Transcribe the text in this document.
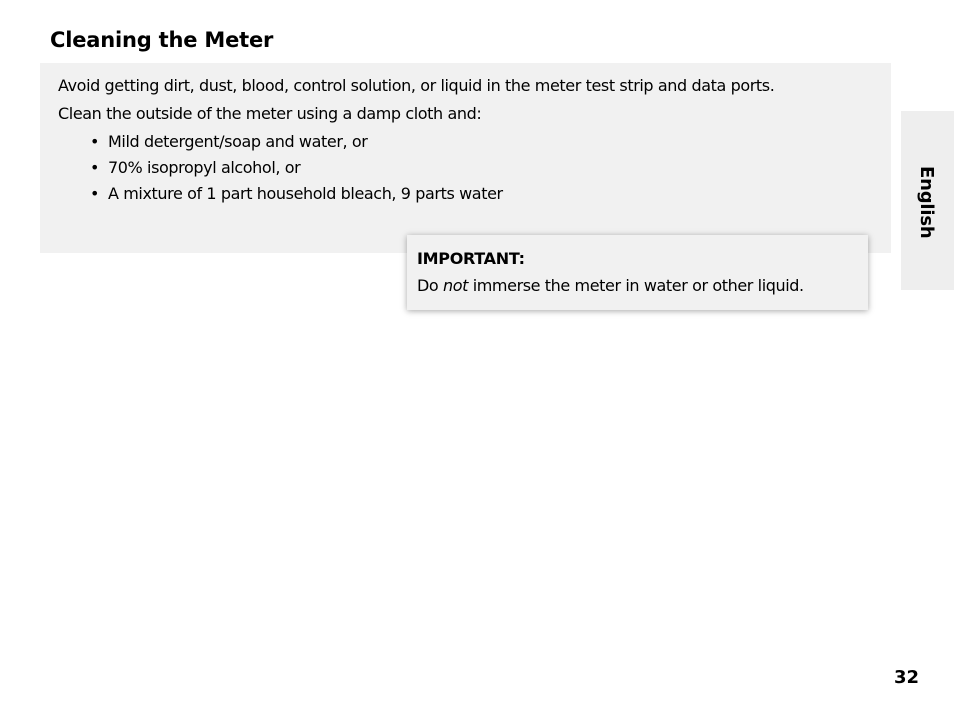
Cleaning the Meter

Avoid getting dirt, dust, blood, control solution, or liquid in the meter test strip and data ports.

Clean the outside of the meter using a damp cloth and:

• Mild detergent/soap and water, or
• 70% isopropyl alcohol, or
• A mixture of 1 part household bleach, 9 parts water

IMPORTANT:

Do not immerse the meter in water or other liquid.

English
32
